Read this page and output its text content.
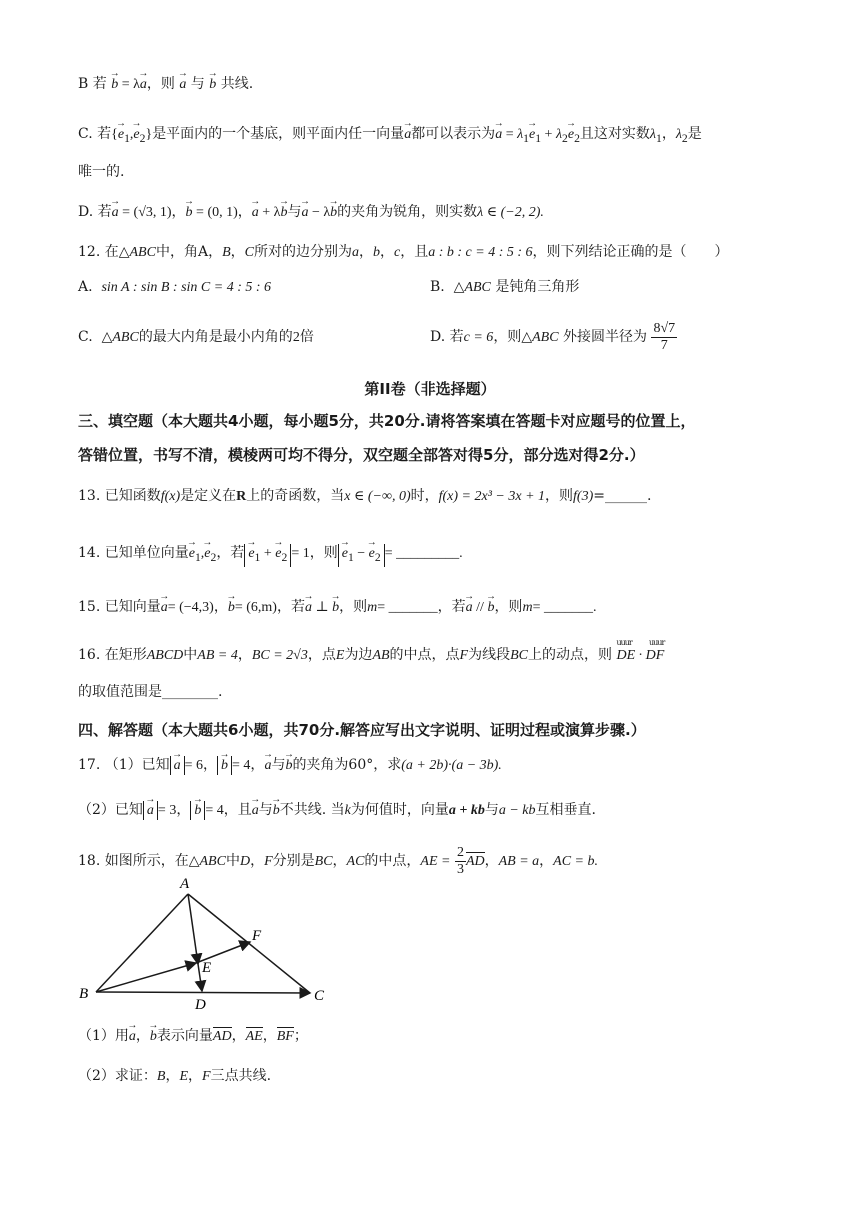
B 若 → b = λ→ a，则 → a 与 → b 共线.
C. 若{→ $e_1,\to e_2$}是平面内的一个基底，则平面内任一向量→ a都可以表示为→ $a = \lambda_1\to e_1 + \lambda_2\to e_2$且这对实数$\lambda_1$，$\lambda_2$是
唯一的.
D. 若→ a = (√3, 1)，→ b = (0, 1)，→ a + λ→ b与→ a − λ→ b的夹角为锐角，则实数λ ∈ (−2, 2).
12. 在△ABC中，角A，B，C所对的边分别为a，b，c，且a : b : c = 4 : 5 : 6，则下列结论正确的是（　　）
A. sin A : sin B : sin C = 4 : 5 : 6	B. △ABC 是钝角三角形
C. △ABC的最大内角是最小内角的2倍	D. 若c = 6，则△ABC 外接圆半径为 $\frac{8√7}{7}$
第II卷（非选择题）
三、填空题（本大题共4小题，每小题5分，共20分.请将答案填在答题卡对应题号的位置上，
答错位置，书写不清，模棱两可均不得分，双空题全部答对得5分，部分选对得2分.）
13. 已知函数f(x)是定义在R上的奇函数，当x ∈ (−∞, 0)时，f(x) = 2x³ − 3x + 1，则f(3)=______.
14. 已知单位向量→ $e_1,\to e_2$，若 → $e_1$ + → $e_2 = 1$，则 → $e_1$ − → $e_2$ = _________.
15. 已知向量→ a= (−4,3)，→ b= (6,m)，若→ a ⊥ → b，则m= _______，若→ a // → b，则m= _______.
16. 在矩形ABCD中AB = 4，BC = 2√3，点E为边AB的中点，点F为线段BC上的动点，则
uuur uuur
DE · DF
的取值范围是________.
四、解答题（本大题共6小题，共70分.解答应写出文字说明、证明过程或演算步骤.）
17. （1）已知 → a = 6， → b = 4，→ a与→ b的夹角为60°，求(a + 2b)·(a − 3b).
（2）已知 → a = 3， → b = 4，且→ a与→ b不共线. 当k为何值时，向量a + kb与a − kb互相垂直.
18. 如图所示，在△ABC中D，F分别是BC，AC的中点，AE = $\frac{2}{3}$ AD，AB = a，AC = b.
A
B	C
D
E
F
（1）用→ a，→ b表示向量AD，AE，BF；
（2）求证：B，E，F三点共线.
